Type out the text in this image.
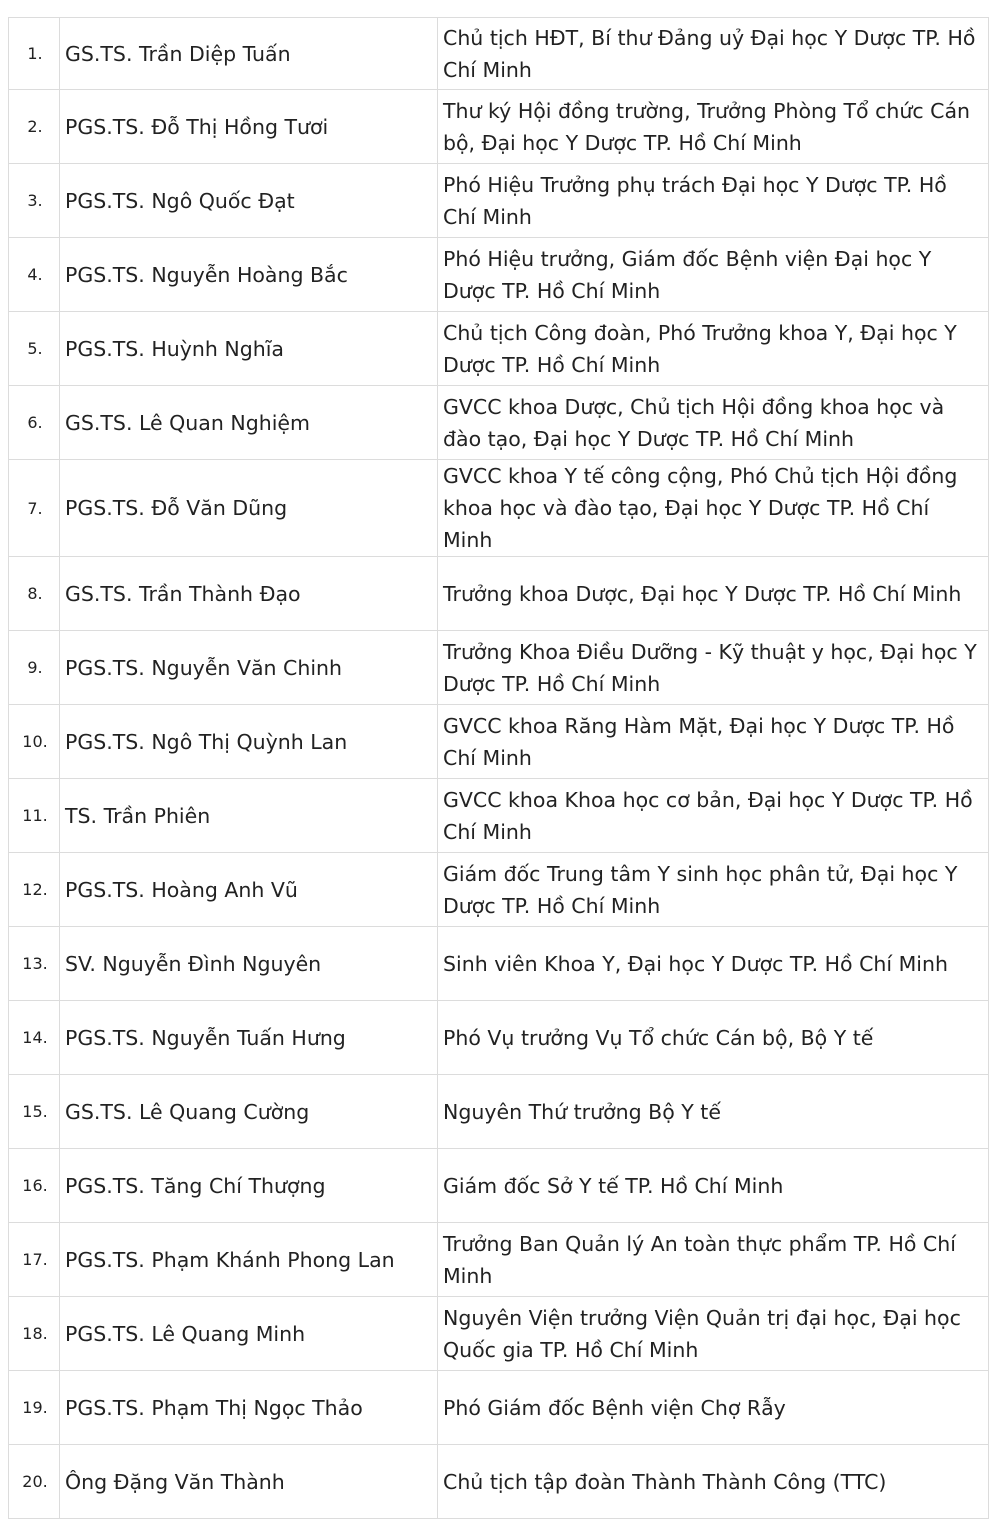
1.	GS.TS. Trần Diệp Tuấn	Chủ tịch HĐT, Bí thư Đảng uỷ Đại học Y Dược TP. Hồ Chí Minh
2.	PGS.TS. Đỗ Thị Hồng Tươi	Thư ký Hội đồng trường, Trưởng Phòng Tổ chức Cán bộ, Đại học Y Dược TP. Hồ Chí Minh
3.	PGS.TS. Ngô Quốc Đạt	Phó Hiệu Trưởng phụ trách Đại học Y Dược TP. Hồ Chí Minh
4.	PGS.TS. Nguyễn Hoàng Bắc	Phó Hiệu trưởng, Giám đốc Bệnh viện Đại học Y Dược TP. Hồ Chí Minh
5.	PGS.TS. Huỳnh Nghĩa	Chủ tịch Công đoàn, Phó Trưởng khoa Y, Đại học Y Dược TP. Hồ Chí Minh
6.	GS.TS. Lê Quan Nghiệm	GVCC khoa Dược, Chủ tịch Hội đồng khoa học và đào tạo, Đại học Y Dược TP. Hồ Chí Minh
7.	PGS.TS. Đỗ Văn Dũng	GVCC khoa Y tế công cộng, Phó Chủ tịch Hội đồng khoa học và đào tạo, Đại học Y Dược TP. Hồ Chí Minh
8.	GS.TS. Trần Thành Đạo	Trưởng khoa Dược, Đại học Y Dược TP. Hồ Chí Minh
9.	PGS.TS. Nguyễn Văn Chinh	Trưởng Khoa Điều Dưỡng - Kỹ thuật y học, Đại học Y Dược TP. Hồ Chí Minh
10.	PGS.TS. Ngô Thị Quỳnh Lan	GVCC khoa Răng Hàm Mặt, Đại học Y Dược TP. Hồ Chí Minh
11.	TS. Trần Phiên	GVCC khoa Khoa học cơ bản, Đại học Y Dược TP. Hồ Chí Minh
12.	PGS.TS. Hoàng Anh Vũ	Giám đốc Trung tâm Y sinh học phân tử, Đại học Y Dược TP. Hồ Chí Minh
13.	SV. Nguyễn Đình Nguyên	Sinh viên Khoa Y, Đại học Y Dược TP. Hồ Chí Minh
14.	PGS.TS. Nguyễn Tuấn Hưng	Phó Vụ trưởng Vụ Tổ chức Cán bộ, Bộ Y tế
15.	GS.TS. Lê Quang Cường	Nguyên Thứ trưởng Bộ Y tế
16.	PGS.TS. Tăng Chí Thượng	Giám đốc Sở Y tế TP. Hồ Chí Minh
17.	PGS.TS. Phạm Khánh Phong Lan	Trưởng Ban Quản lý An toàn thực phẩm TP. Hồ Chí Minh
18.	PGS.TS. Lê Quang Minh	Nguyên Viện trưởng Viện Quản trị đại học, Đại học Quốc gia TP. Hồ Chí Minh
19.	PGS.TS. Phạm Thị Ngọc Thảo	Phó Giám đốc Bệnh viện Chợ Rẫy
20.	Ông Đặng Văn Thành	Chủ tịch tập đoàn Thành Thành Công (TTC)
